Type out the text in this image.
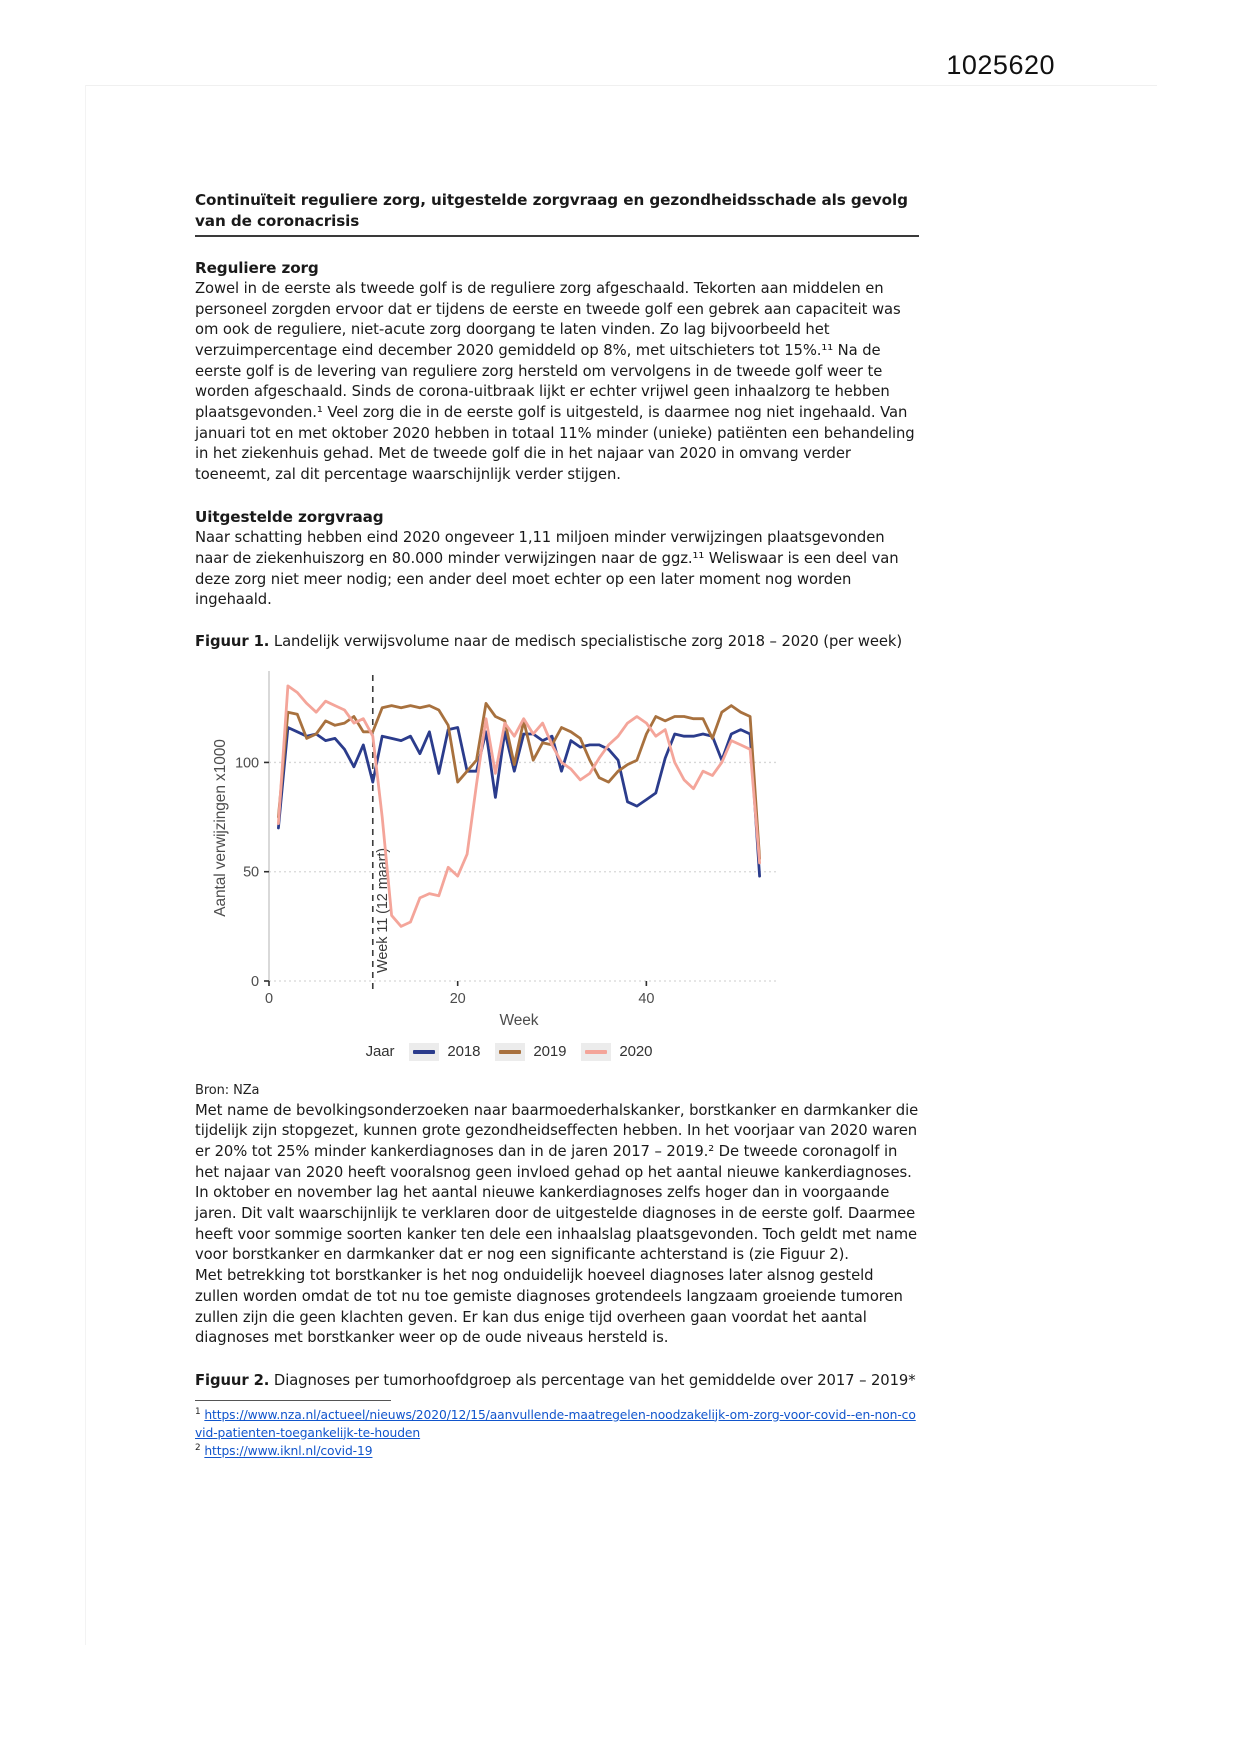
1025620
Continuïteit reguliere zorg, uitgestelde zorgvraag en gezondheidsschade als gevolg van de coronacrisis
Reguliere zorg

Zowel in de eerste als tweede golf is de reguliere zorg afgeschaald. Tekorten aan middelen en personeel zorgden ervoor dat er tijdens de eerste en tweede golf een gebrek aan capaciteit was om ook de reguliere, niet-acute zorg doorgang te laten vinden. Zo lag bijvoorbeeld het verzuimpercentage eind december 2020 gemiddeld op 8%, met uitschieters tot 15%.¹¹ Na de eerste golf is de levering van reguliere zorg hersteld om vervolgens in de tweede golf weer te worden afgeschaald. Sinds de corona-uitbraak lijkt er echter vrijwel geen inhaalzorg te hebben plaatsgevonden.¹ Veel zorg die in de eerste golf is uitgesteld, is daarmee nog niet ingehaald. Van januari tot en met oktober 2020 hebben in totaal 11% minder (unieke) patiënten een behandeling in het ziekenhuis gehad. Met de tweede golf die in het najaar van 2020 in omvang verder toeneemt, zal dit percentage waarschijnlijk verder stijgen.

Uitgestelde zorgvraag

Naar schatting hebben eind 2020 ongeveer 1,11 miljoen minder verwijzingen plaatsgevonden naar de ziekenhuiszorg en 80.000 minder verwijzingen naar de ggz.¹¹ Weliswaar is een deel van deze zorg niet meer nodig; een ander deel moet echter op een later moment nog worden ingehaald.

Figuur 1. Landelijk verwijsvolume naar de medisch specialistische zorg 2018 – 2020 (per week)

0
50
100
0	20	40
Aantal verwijzingen x1000
Week
Week 11 (12 maart)
Jaar	2018	2019	2020

Bron: NZa

Met name de bevolkingsonderzoeken naar baarmoederhalskanker, borstkanker en darmkanker die tijdelijk zijn stopgezet, kunnen grote gezondheidseffecten hebben. In het voorjaar van 2020 waren er 20% tot 25% minder kankerdiagnoses dan in de jaren 2017 – 2019.² De tweede coronagolf in het najaar van 2020 heeft vooralsnog geen invloed gehad op het aantal nieuwe kankerdiagnoses. In oktober en november lag het aantal nieuwe kankerdiagnoses zelfs hoger dan in voorgaande jaren. Dit valt waarschijnlijk te verklaren door de uitgestelde diagnoses in de eerste golf. Daarmee heeft voor sommige soorten kanker ten dele een inhaalslag plaatsgevonden. Toch geldt met name voor borstkanker en darmkanker dat er nog een significante achterstand is (zie Figuur 2).

Met betrekking tot borstkanker is het nog onduidelijk hoeveel diagnoses later alsnog gesteld zullen worden omdat de tot nu toe gemiste diagnoses grotendeels langzaam groeiende tumoren zullen zijn die geen klachten geven. Er kan dus enige tijd overheen gaan voordat het aantal diagnoses met borstkanker weer op de oude niveaus hersteld is.

Figuur 2. Diagnoses per tumorhoofdgroep als percentage van het gemiddelde over 2017 – 2019*

$^1$ https://www.nza.nl/actueel/nieuws/2020/12/15/aanvullende-maatregelen-noodzakelijk-om-zorg-voor-covid--en-non-covid-patienten-toegankelijk-te-houden
$^2$ https://www.iknl.nl/covid-19
